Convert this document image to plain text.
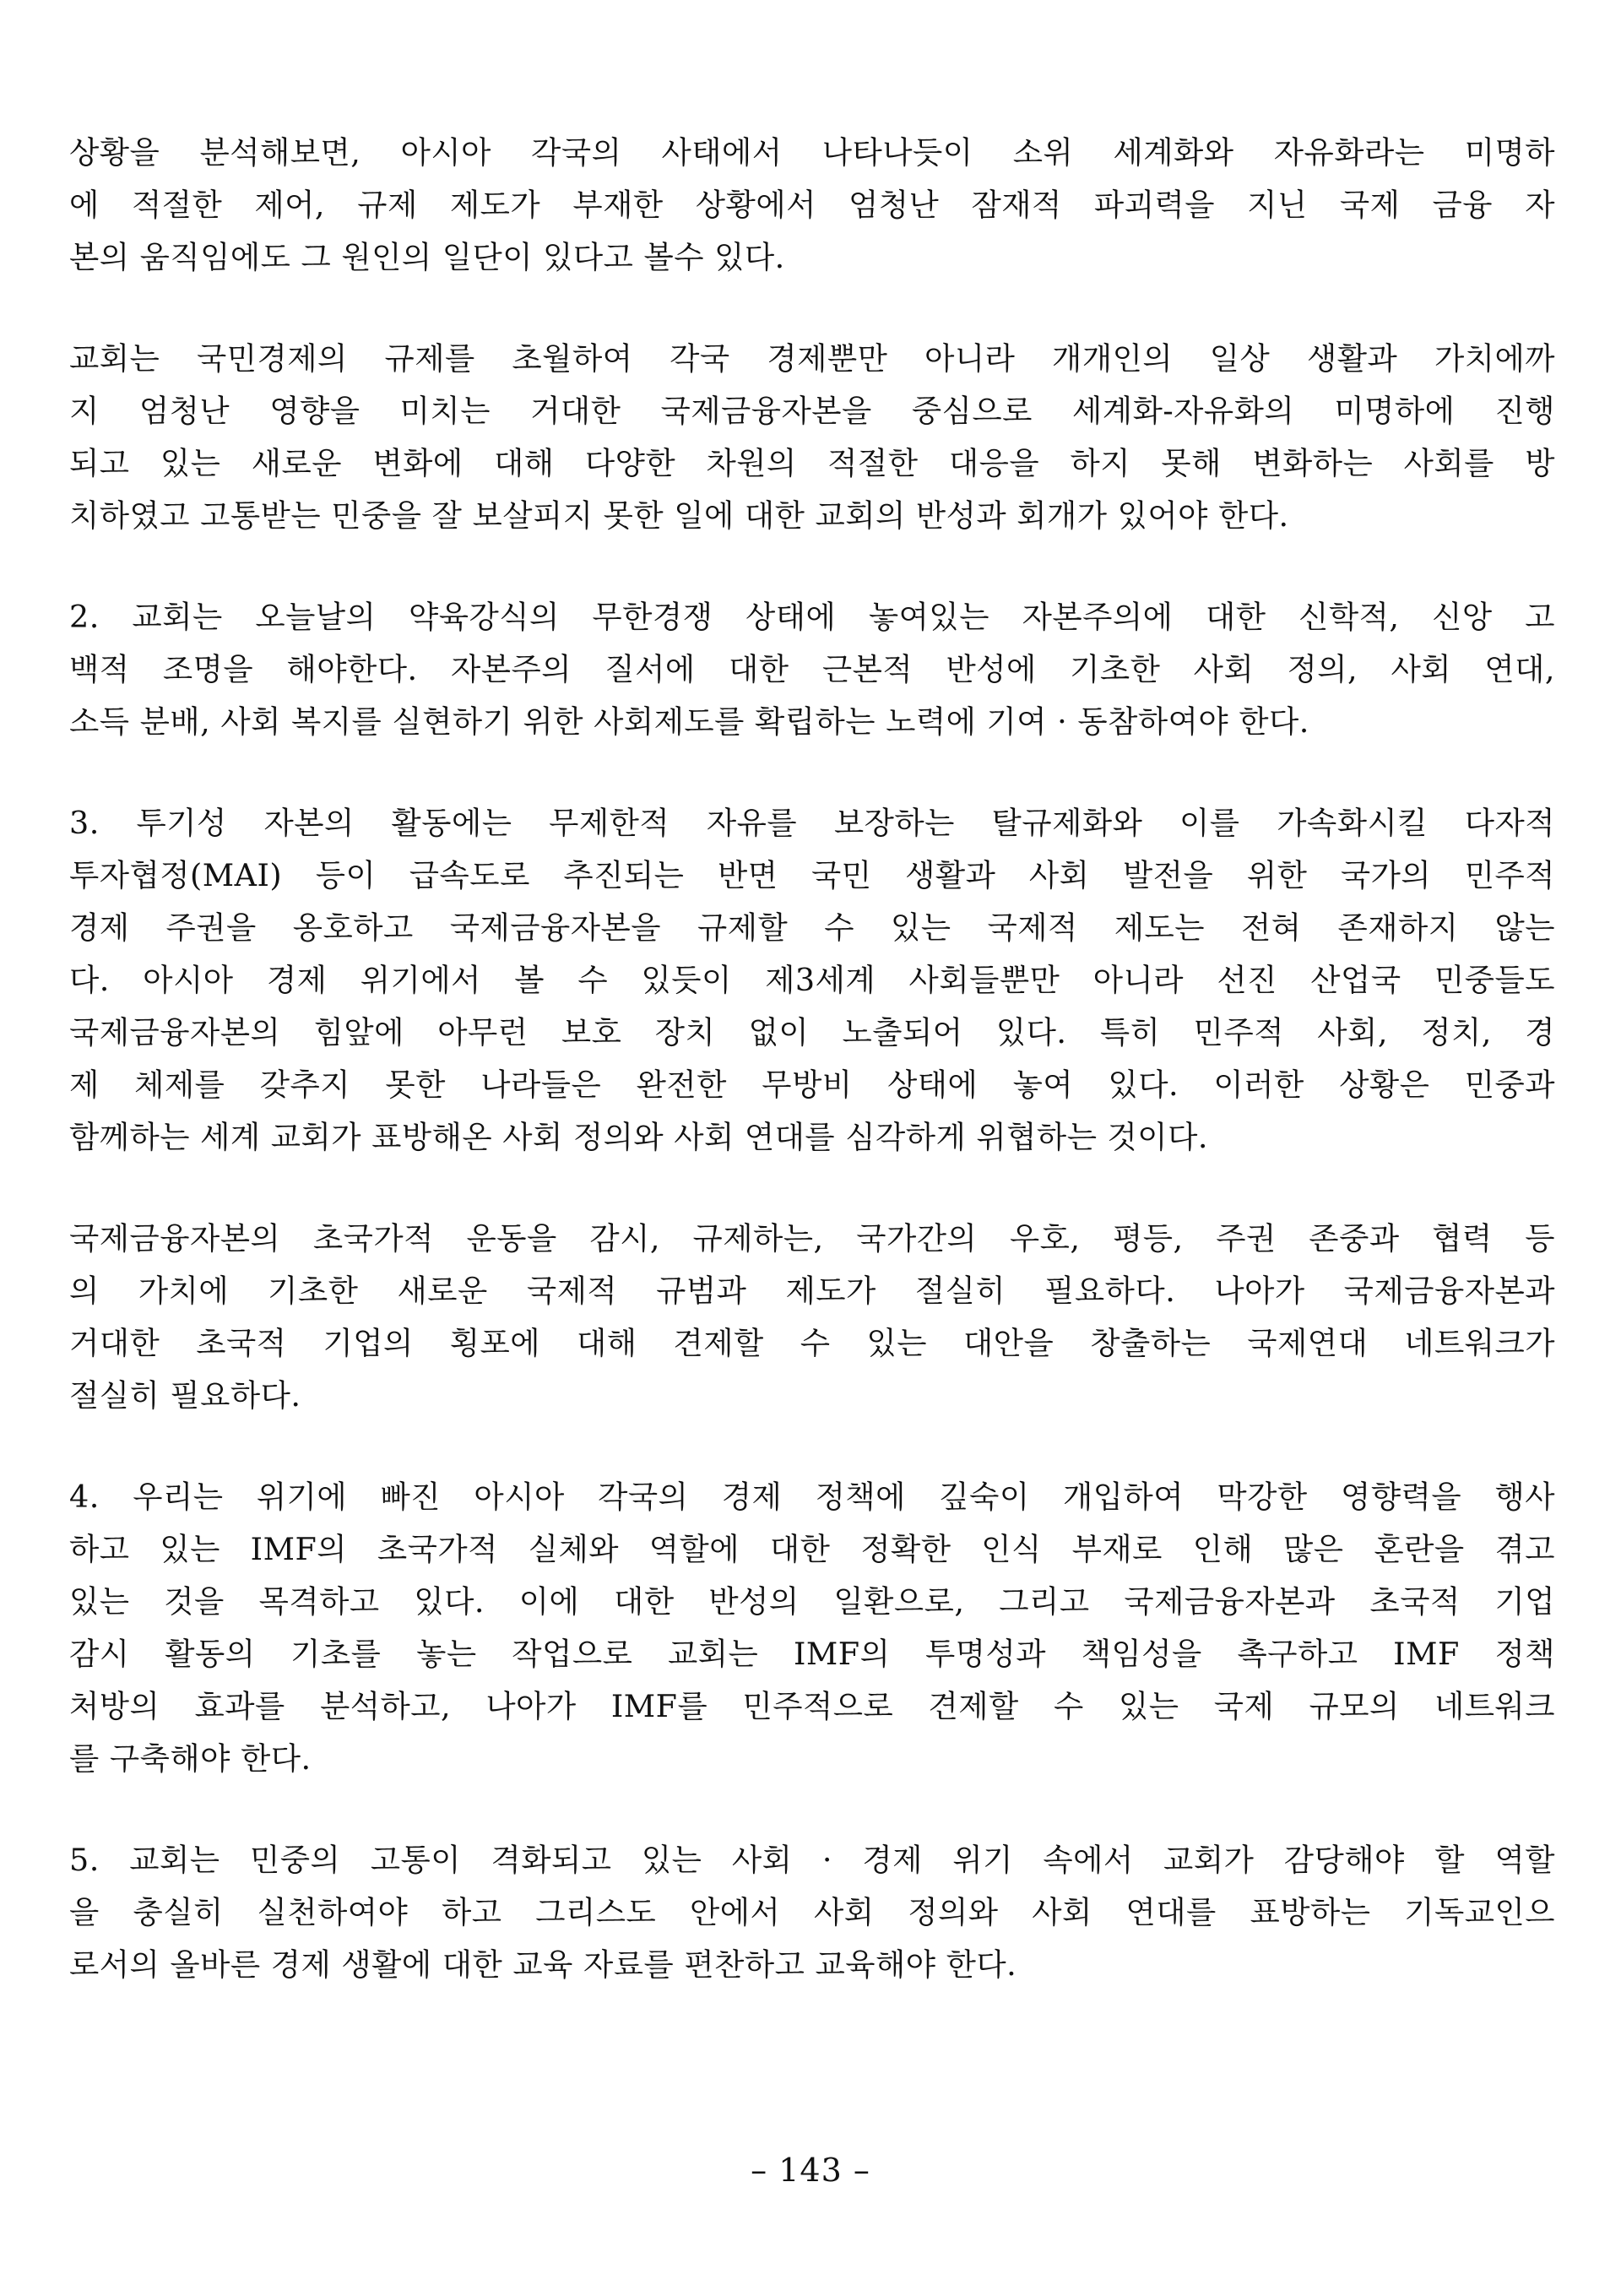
상황을 분석해보면, 아시아 각국의 사태에서 나타나듯이 소위 세계화와 자유화라는 미명하
에 적절한 제어, 규제 제도가 부재한 상황에서 엄청난 잠재적 파괴력을 지닌 국제 금융 자
본의 움직임에도 그 원인의 일단이 있다고 볼수 있다.
교회는 국민경제의 규제를 초월하여 각국 경제뿐만 아니라 개개인의 일상 생활과 가치에까
지 엄청난 영향을 미치는 거대한 국제금융자본을 중심으로 세계화-자유화의 미명하에 진행
되고 있는 새로운 변화에 대해 다양한 차원의 적절한 대응을 하지 못해 변화하는 사회를 방
치하였고 고통받는 민중을 잘 보살피지 못한 일에 대한 교회의 반성과 회개가 있어야 한다.
2. 교회는 오늘날의 약육강식의 무한경쟁 상태에 놓여있는 자본주의에 대한 신학적, 신앙 고
백적 조명을 해야한다. 자본주의 질서에 대한 근본적 반성에 기초한 사회 정의, 사회 연대,
소득 분배, 사회 복지를 실현하기 위한 사회제도를 확립하는 노력에 기여 · 동참하여야 한다.
3. 투기성 자본의 활동에는 무제한적 자유를 보장하는 탈규제화와 이를 가속화시킬 다자적
투자협정(MAI) 등이 급속도로 추진되는 반면 국민 생활과 사회 발전을 위한 국가의 민주적
경제 주권을 옹호하고 국제금융자본을 규제할 수 있는 국제적 제도는 전혀 존재하지 않는
다. 아시아 경제 위기에서 볼 수 있듯이 제3세계 사회들뿐만 아니라 선진 산업국 민중들도
국제금융자본의 힘앞에 아무런 보호 장치 없이 노출되어 있다. 특히 민주적 사회, 정치, 경
제 체제를 갖추지 못한 나라들은 완전한 무방비 상태에 놓여 있다. 이러한 상황은 민중과
함께하는 세계 교회가 표방해온 사회 정의와 사회 연대를 심각하게 위협하는 것이다.
국제금융자본의 초국가적 운동을 감시, 규제하는, 국가간의 우호, 평등, 주권 존중과 협력 등
의 가치에 기초한 새로운 국제적 규범과 제도가 절실히 필요하다. 나아가 국제금융자본과
거대한 초국적 기업의 횡포에 대해 견제할 수 있는 대안을 창출하는 국제연대 네트워크가
절실히 필요하다.
4. 우리는 위기에 빠진 아시아 각국의 경제 정책에 깊숙이 개입하여 막강한 영향력을 행사
하고 있는 IMF의 초국가적 실체와 역할에 대한 정확한 인식 부재로 인해 많은 혼란을 겪고
있는 것을 목격하고 있다. 이에 대한 반성의 일환으로, 그리고 국제금융자본과 초국적 기업
감시 활동의 기초를 놓는 작업으로 교회는 IMF의 투명성과 책임성을 촉구하고 IMF 정책
처방의 효과를 분석하고, 나아가 IMF를 민주적으로 견제할 수 있는 국제 규모의 네트워크
를 구축해야 한다.
5. 교회는 민중의 고통이 격화되고 있는 사회 · 경제 위기 속에서 교회가 감당해야 할 역할
을 충실히 실천하여야 하고 그리스도 안에서 사회 정의와 사회 연대를 표방하는 기독교인으
로서의 올바른 경제 생활에 대한 교육 자료를 편찬하고 교육해야 한다.
– 143 –
